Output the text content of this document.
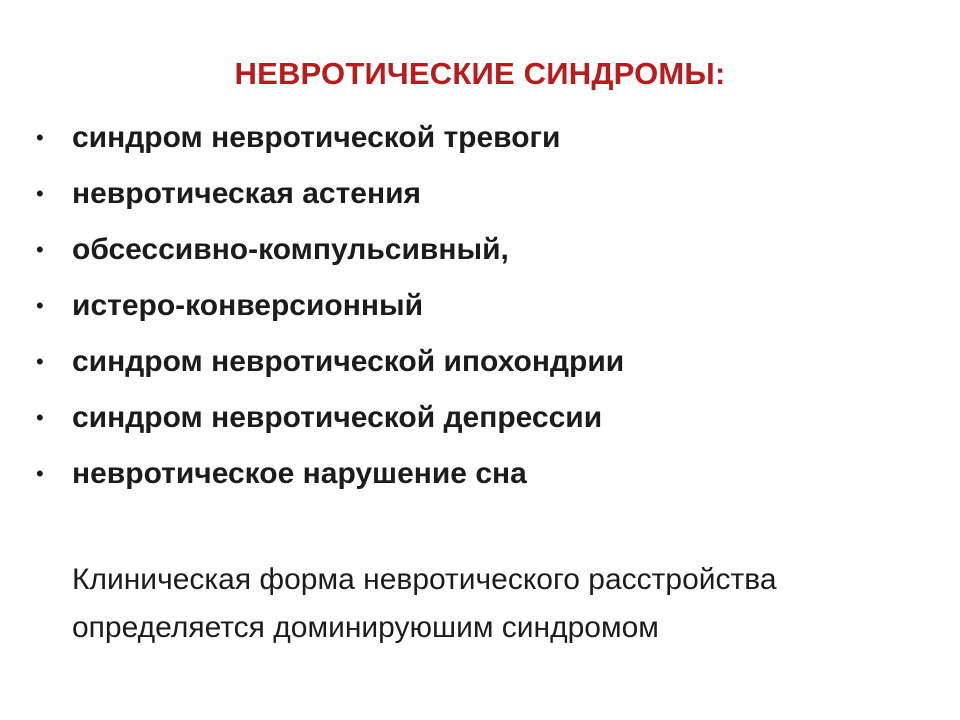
НЕВРОТИЧЕСКИЕ СИНДРОМЫ:
• синдром невротической тревоги
• невротическая астения
• обсессивно-компульсивный,
• истеро-конверсионный
• синдром невротической ипохондрии
• синдром невротической депрессии
• невротическое нарушение сна

Клиническая форма невротического расстройства
определяется доминируюшим синдромом
